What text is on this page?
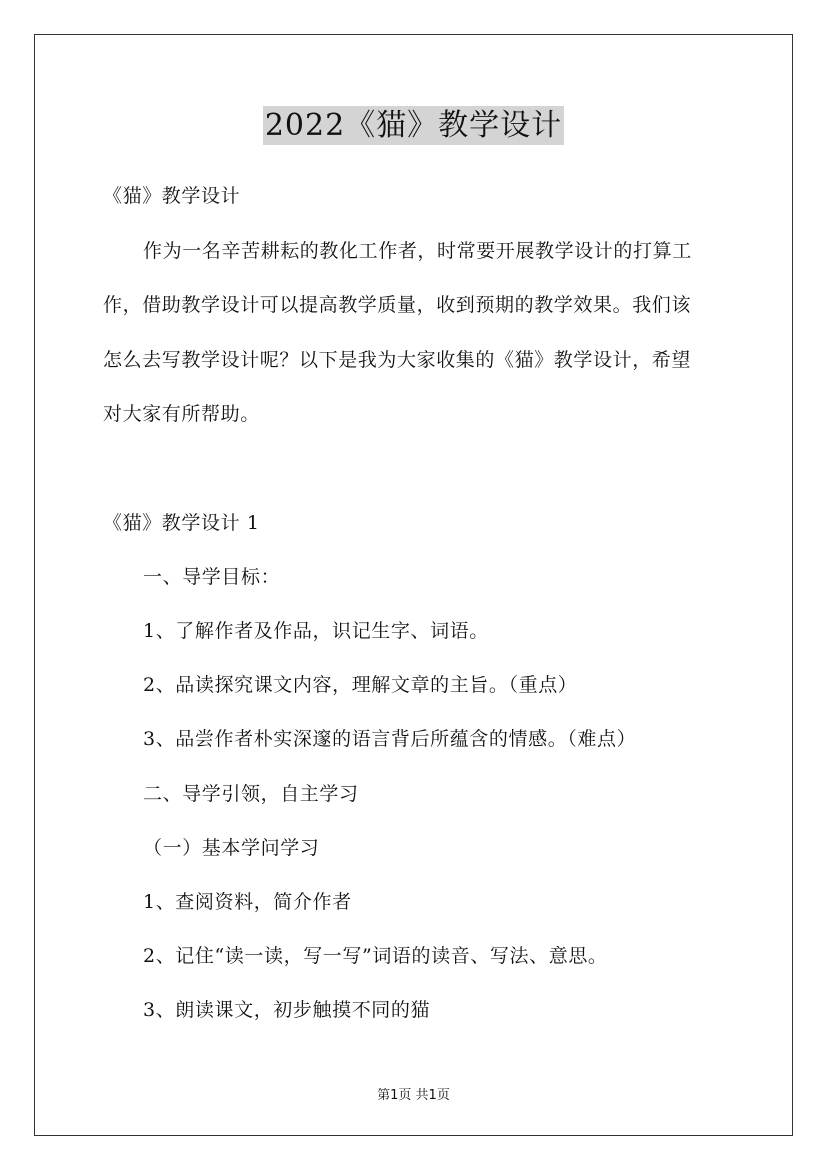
2022《猫》教学设计
《猫》教学设计
作为一名辛苦耕耘的教化工作者，时常要开展教学设计的打算工
作，借助教学设计可以提高教学质量，收到预期的教学效果。我们该
怎么去写教学设计呢？以下是我为大家收集的《猫》教学设计，希望
对大家有所帮助。
《猫》教学设计 1
一、导学目标：
1、了解作者及作品，识记生字、词语。
2、品读探究课文内容，理解文章的主旨。（重点）
3、品尝作者朴实深邃的语言背后所蕴含的情感。（难点）
二、导学引领，自主学习
（一）基本学问学习
1、查阅资料，简介作者
2、记住“读一读，写一写”词语的读音、写法、意思。
3、朗读课文，初步触摸不同的猫
第1页 共1页
